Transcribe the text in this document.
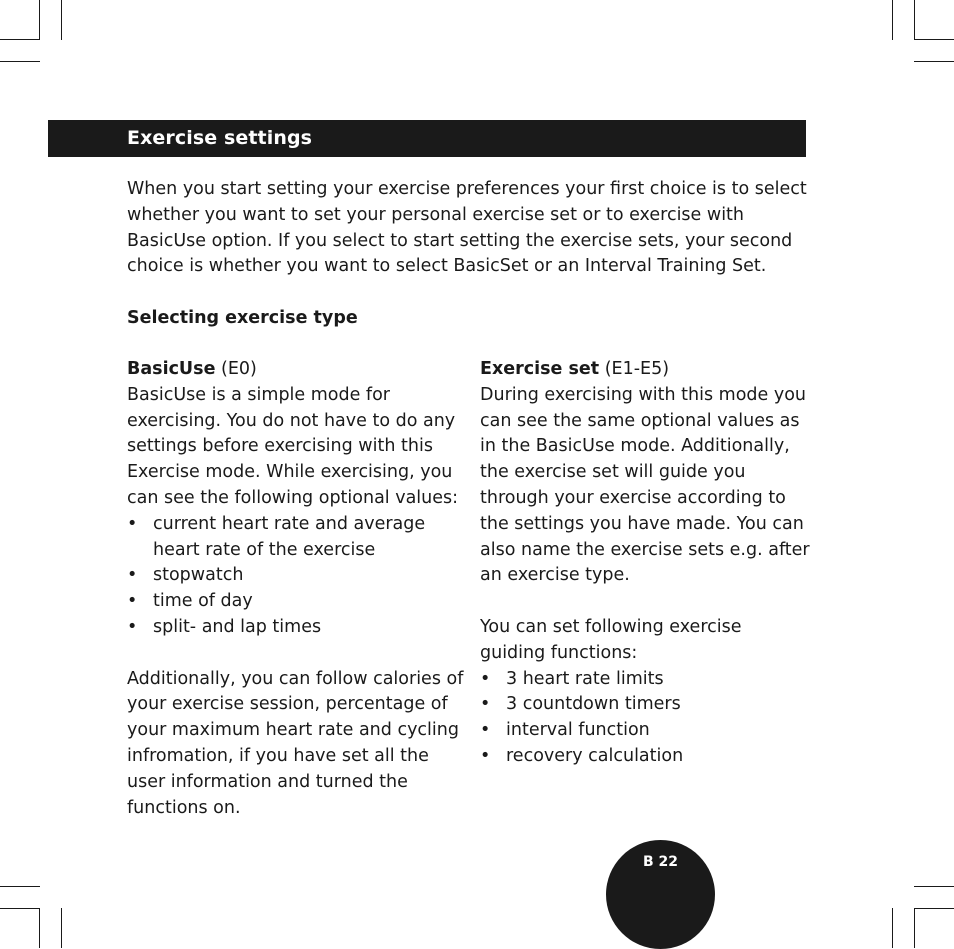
Exercise settings

When you start setting your exercise preferences your first choice is to select whether you want to set your personal exercise set or to exercise with BasicUse option. If you select to start setting the exercise sets, your second choice is whether you want to select BasicSet or an Interval Training Set.

Selecting exercise type
BasicUse (E0)

BasicUse is a simple mode for exercising. You do not have to do any settings before exercising with this Exercise mode. While exercising, you can see the following optional values:

• current heart rate and average heart rate of the exercise
• stopwatch
• time of day
• split- and lap times

Additionally, you can follow calories of your exercise session, percentage of your maximum heart rate and cycling infromation, if you have set all the user information and turned the functions on.

Exercise set (E1-E5)

During exercising with this mode you can see the same optional values as in the BasicUse mode. Additionally, the exercise set will guide you through your exercise according to the settings you have made. You can also name the exercise sets e.g. after an exercise type.

You can set following exercise guiding functions:

• 3 heart rate limits
• 3 countdown timers
• interval function
• recovery calculation
B 22
